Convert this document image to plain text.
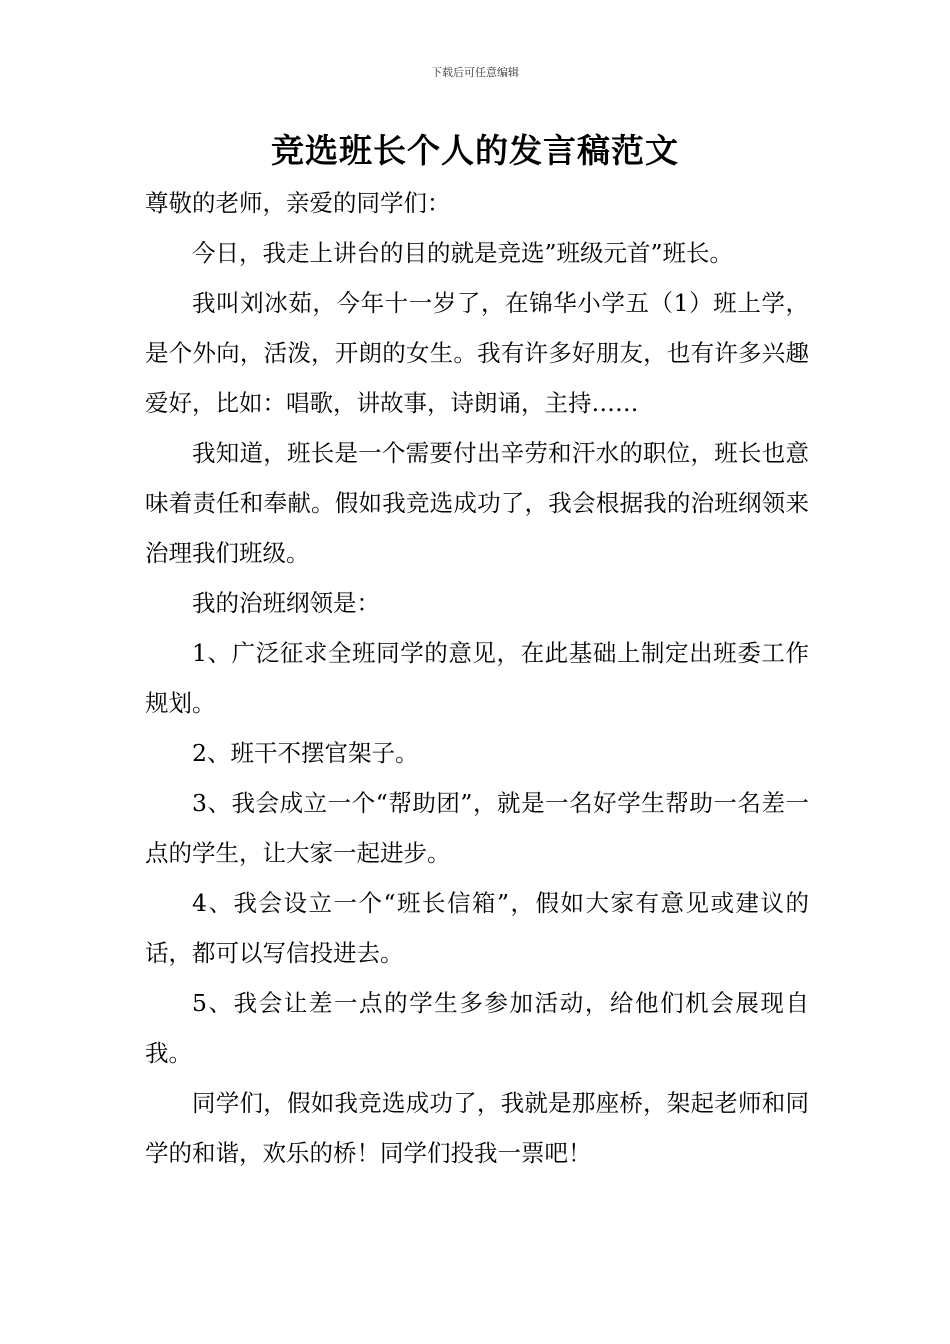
下载后可任意编辑
竞选班长个人的发言稿范文

尊敬的老师，亲爱的同学们：

今日，我走上讲台的目的就是竞选”班级元首”班长。

我叫刘冰茹，今年十一岁了，在锦华小学五（1）班上学，是个外向，活泼，开朗的女生。我有许多好朋友，也有许多兴趣爱好，比如：唱歌，讲故事，诗朗诵，主持……

我知道，班长是一个需要付出辛劳和汗水的职位，班长也意味着责任和奉献。假如我竞选成功了，我会根据我的治班纲领来治理我们班级。

我的治班纲领是：

1、广泛征求全班同学的意见，在此基础上制定出班委工作规划。

2、班干不摆官架子。

3、我会成立一个“帮助团”，就是一名好学生帮助一名差一点的学生，让大家一起进步。

4、我会设立一个“班长信箱”，假如大家有意见或建议的话，都可以写信投进去。

5、我会让差一点的学生多参加活动，给他们机会展现自我。

同学们，假如我竞选成功了，我就是那座桥，架起老师和同学的和谐，欢乐的桥！同学们投我一票吧！
